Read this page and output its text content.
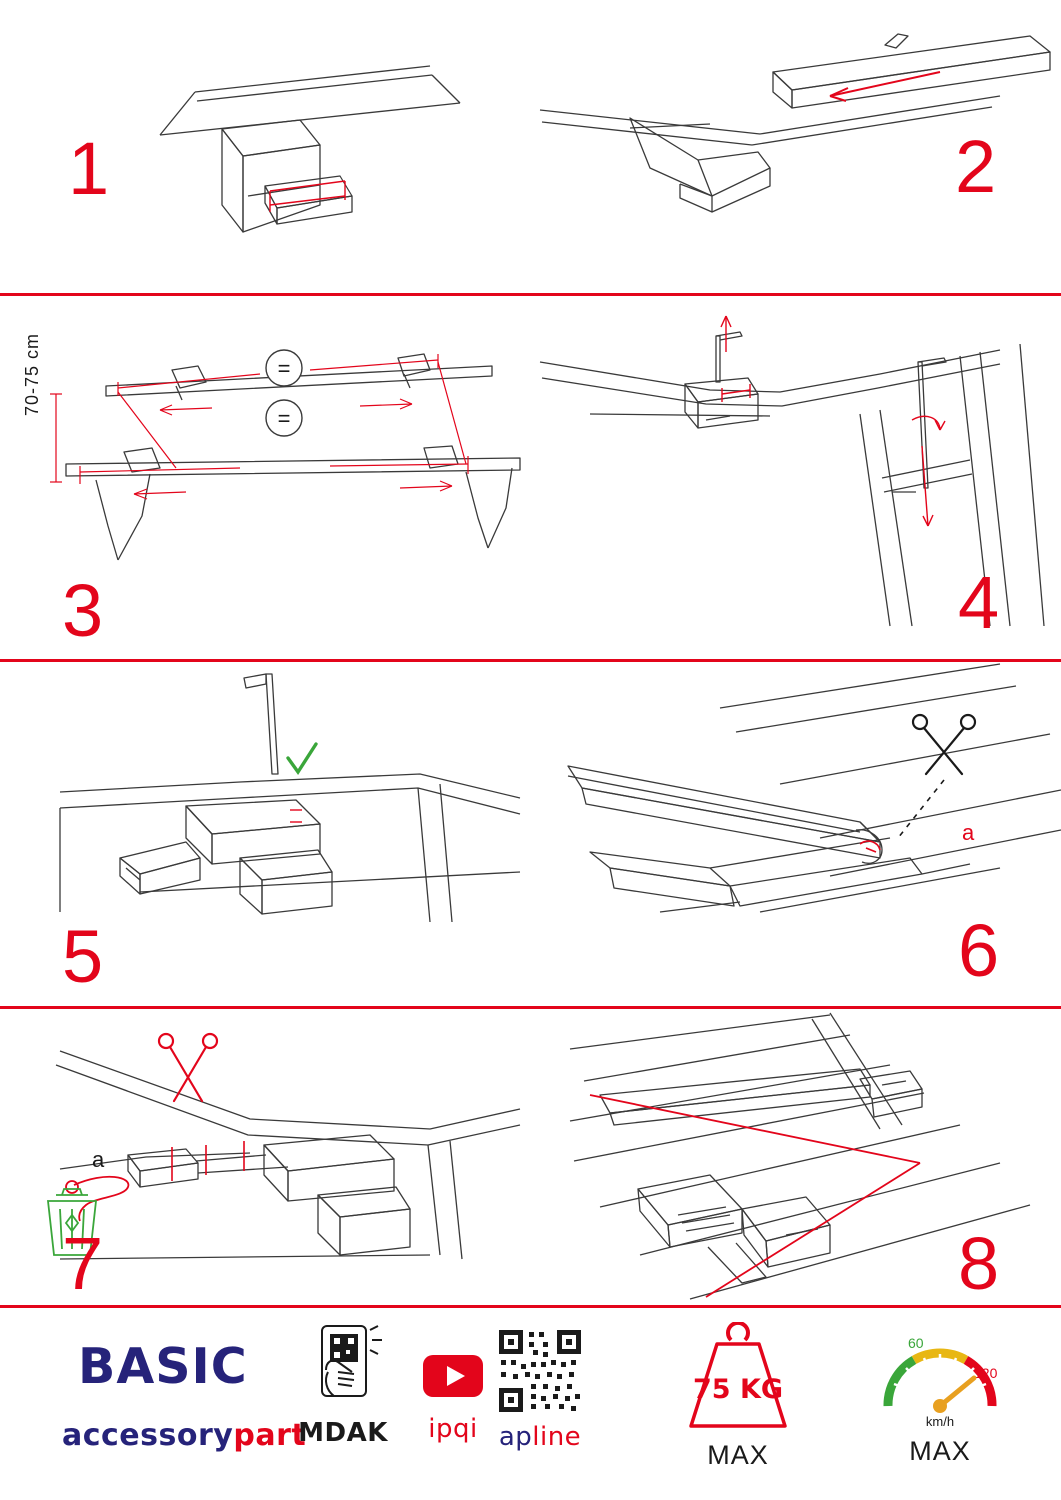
1	2
=
=
70-75 cm
3	4
5
a
6
a
7	8
BASIC
accessorypart
MDAK	ipqi apline
75 KG
MAX
60
120
km/h
MAX
